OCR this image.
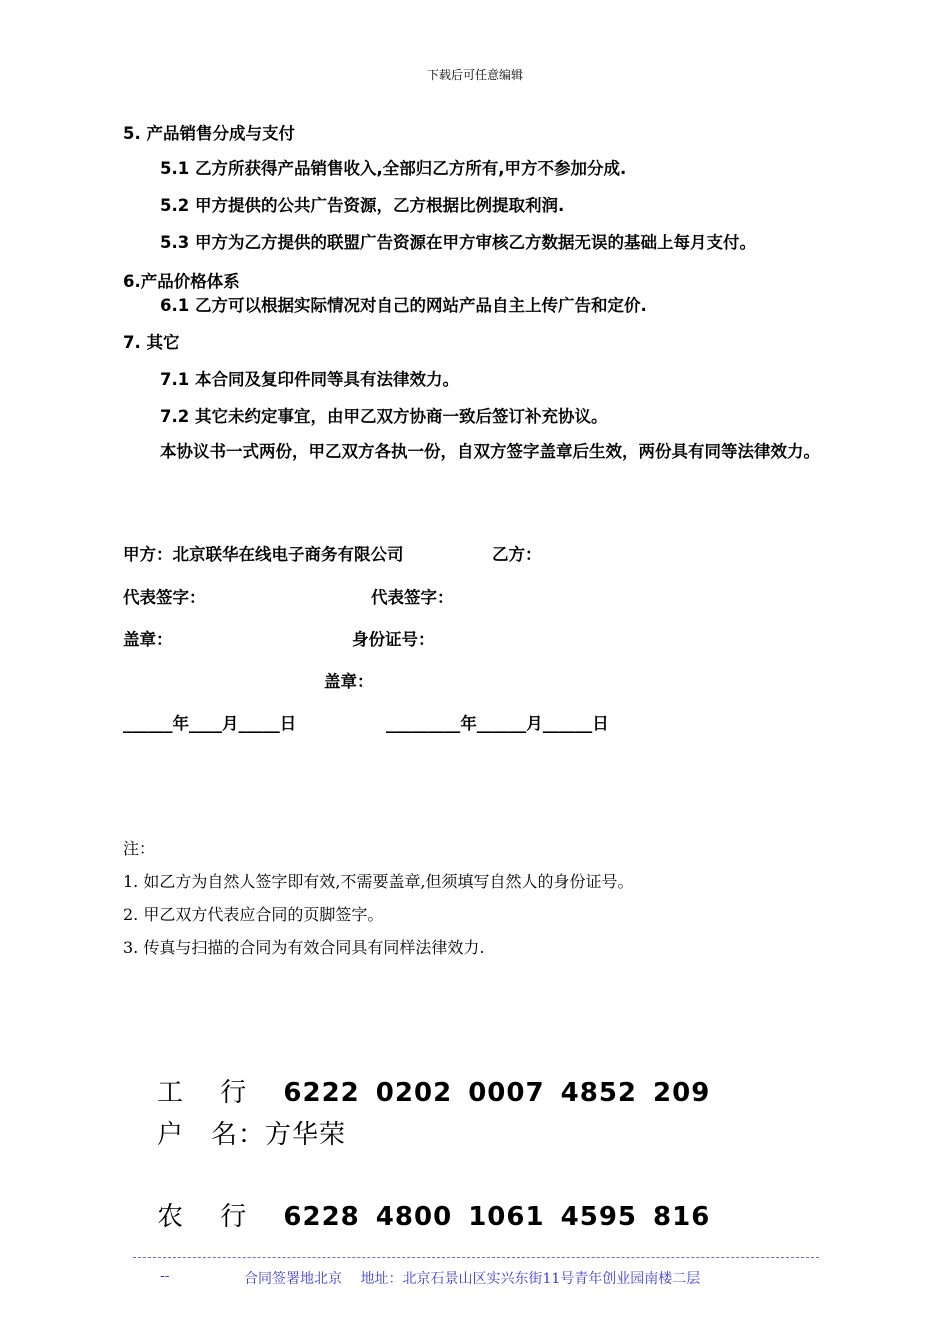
下载后可任意编辑
5. 产品销售分成与支付
5.1 乙方所获得产品销售收入,全部归乙方所有,甲方不参加分成.
5.2 甲方提供的公共广告资源，乙方根据比例提取利润.
5.3 甲方为乙方提供的联盟广告资源在甲方审核乙方数据无误的基础上每月支付。
6.产品价格体系
6.1 乙方可以根据实际情况对自己的网站产品自主上传广告和定价.
7. 其它
7.1 本合同及复印件同等具有法律效力。
7.2 其它未约定事宜，由甲乙双方协商一致后签订补充协议。
本协议书一式两份，甲乙双方各执一份，自双方签字盖章后生效，两份具有同等法律效力。
甲方：北京联华在线电子商务有限公司	乙方：
代表签字：	代表签字：
盖章：	身份证号：
盖章：
______年____月_____日	_________年______月______日
注：
1. 如乙方为自然人签字即有效,不需要盖章,但须填写自然人的身份证号。
2. 甲乙双方代表应合同的页脚签字。
3. 传真与扫描的合同为有效合同具有同样法律效力.
工　 行 6222 0202 0007 4852 209
户　名：方华荣
农　 行 6228 4800 1061 4595 816
--	合同签署地北京　 地址：北京石景山区实兴东街11号青年创业园南楼二层
